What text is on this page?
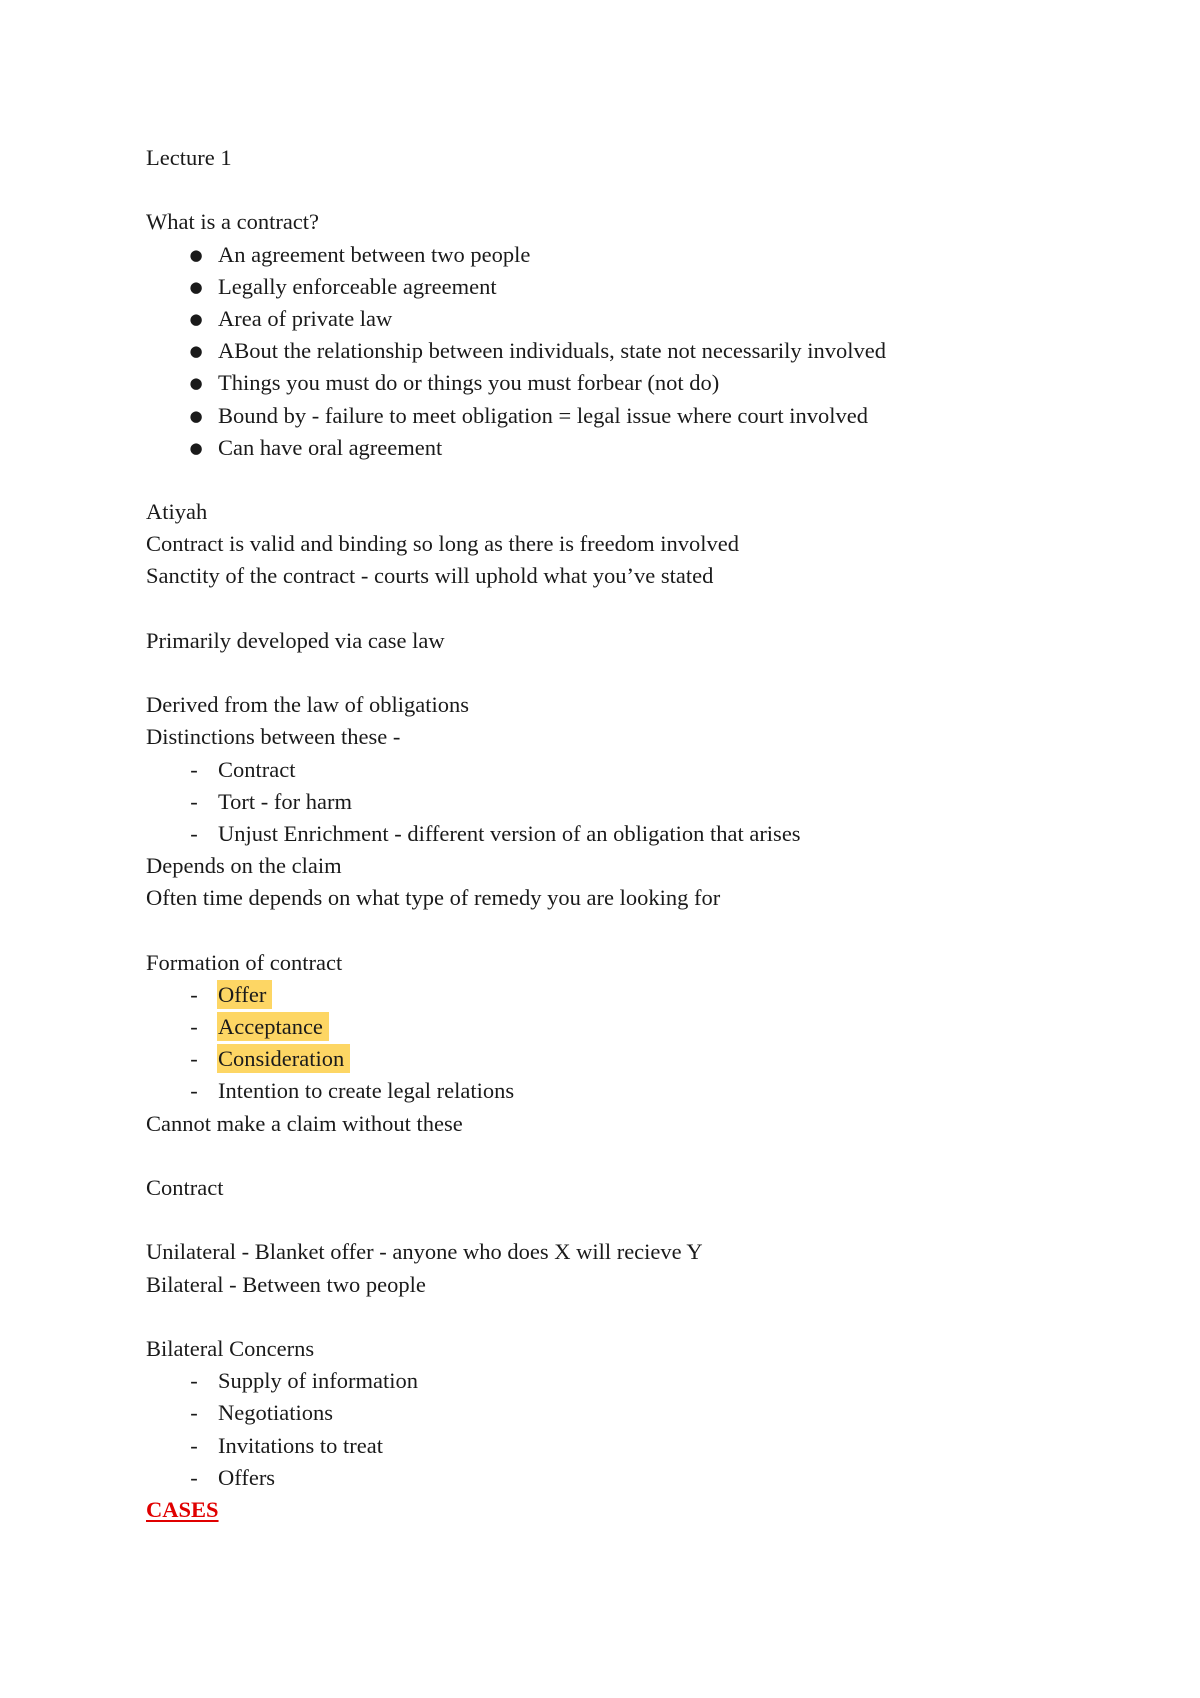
Lecture 1
What is a contract?
● An agreement between two people
● Legally enforceable agreement
● Area of private law
● ABout the relationship between individuals, state not necessarily involved
● Things you must do or things you must forbear (not do)
● Bound by - failure to meet obligation = legal issue where court involved
● Can have oral agreement
Atiyah
Contract is valid and binding so long as there is freedom involved
Sanctity of the contract - courts will uphold what you’ve stated
Primarily developed via case law
Derived from the law of obligations
Distinctions between these -
- Contract
- Tort - for harm
- Unjust Enrichment - different version of an obligation that arises
Depends on the claim
Often time depends on what type of remedy you are looking for
Formation of contract
- Offer
- Acceptance
- Consideration
- Intention to create legal relations
Cannot make a claim without these
Contract
Unilateral - Blanket offer - anyone who does X will recieve Y
Bilateral - Between two people
Bilateral Concerns
- Supply of information
- Negotiations
- Invitations to treat
- Offers
CASES
